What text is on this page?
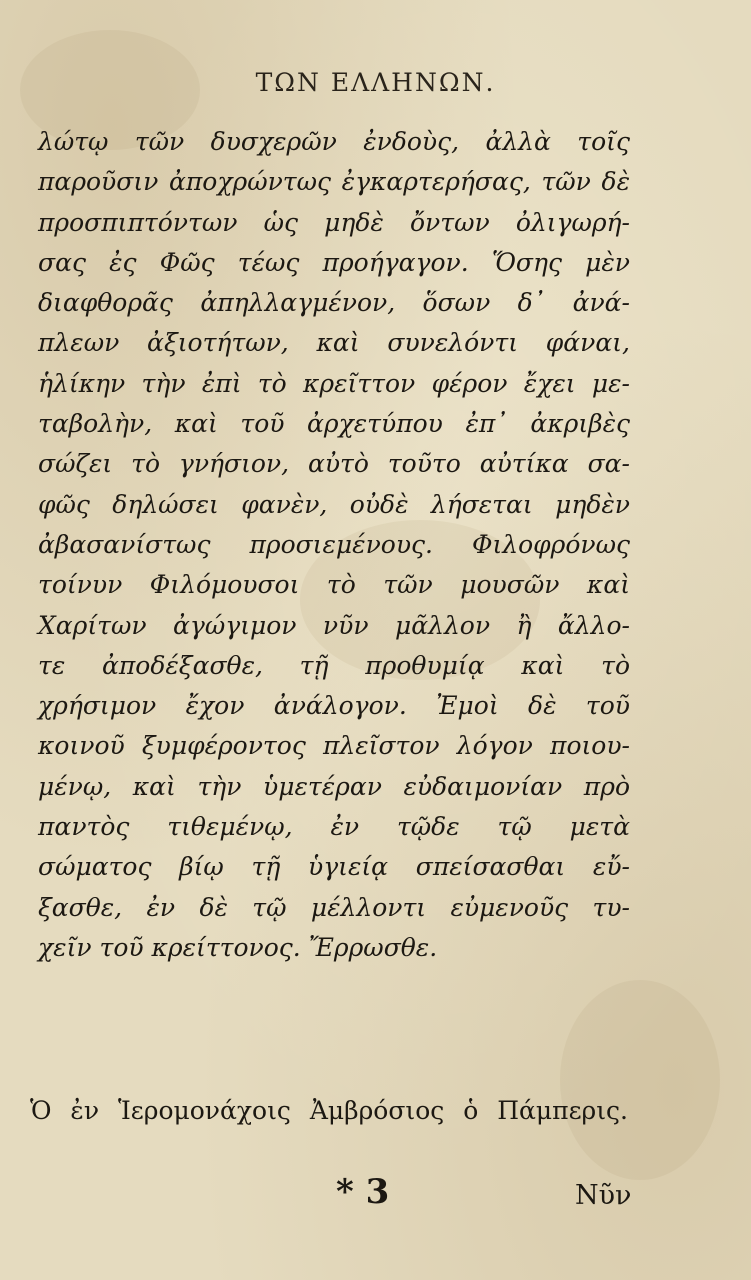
ΤΩΝ ΕΛΛΗΝΩΝ.
λώτῳ τῶν δυσχερῶν ἐνδοὺς, ἀλλὰ τοῖς
παροῦσιν ἀποχρώντως ἐγκαρτερήσας, τῶν δὲ
προσπιπτόντων ὡς μηδὲ ὄντων ὀλιγωρή-
σας ἐς Φῶς τέως προήγαγον. Ὅσης μὲν
διαφθορᾶς ἀπηλλαγμένον, ὅσων δ᾽ ἀνά-
πλεων ἀξιοτήτων, καὶ συνελόντι φάναι,
ἡλίκην τὴν ἐπὶ τὸ κρεῖττον φέρον ἔχει με-
ταβολὴν, καὶ τοῦ ἀρχετύπου ἐπ᾽ ἀκριβὲς
σώζει τὸ γνήσιον, αὐτὸ τοῦτο αὐτίκα σα-
φῶς δηλώσει φανὲν, οὐδὲ λήσεται μηδὲν
ἀβασανίστως προσιεμένους. Φιλοφρόνως
τοίνυν Φιλόμουσοι τὸ τῶν μουσῶν καὶ
Χαρίτων ἀγώγιμον νῦν μᾶλλον ἢ ἄλλο-
τε ἀποδέξασθε, τῇ προθυμίᾳ καὶ τὸ
χρήσιμον ἔχον ἀνάλογον. Ἐμοὶ δὲ τοῦ
κοινοῦ ξυμφέροντος πλεῖστον λόγον ποιου-
μένῳ, καὶ τὴν ὑμετέραν εὐδαιμονίαν πρὸ
παντὸς τιθεμένῳ, ἐν τῷδε τῷ μετὰ
σώματος βίῳ τῇ ὑγιείᾳ σπείσασθαι εὔ-
ξασθε, ἐν δὲ τῷ μέλλοντι εὐμενοῦς τυ-
χεῖν τοῦ κρείττονος. Ἔρρωσθε.
Ὁ ἐν Ἱερομονάχοις Ἀμβρόσιος ὁ Πάμπερις.
* 3	Νῦν
